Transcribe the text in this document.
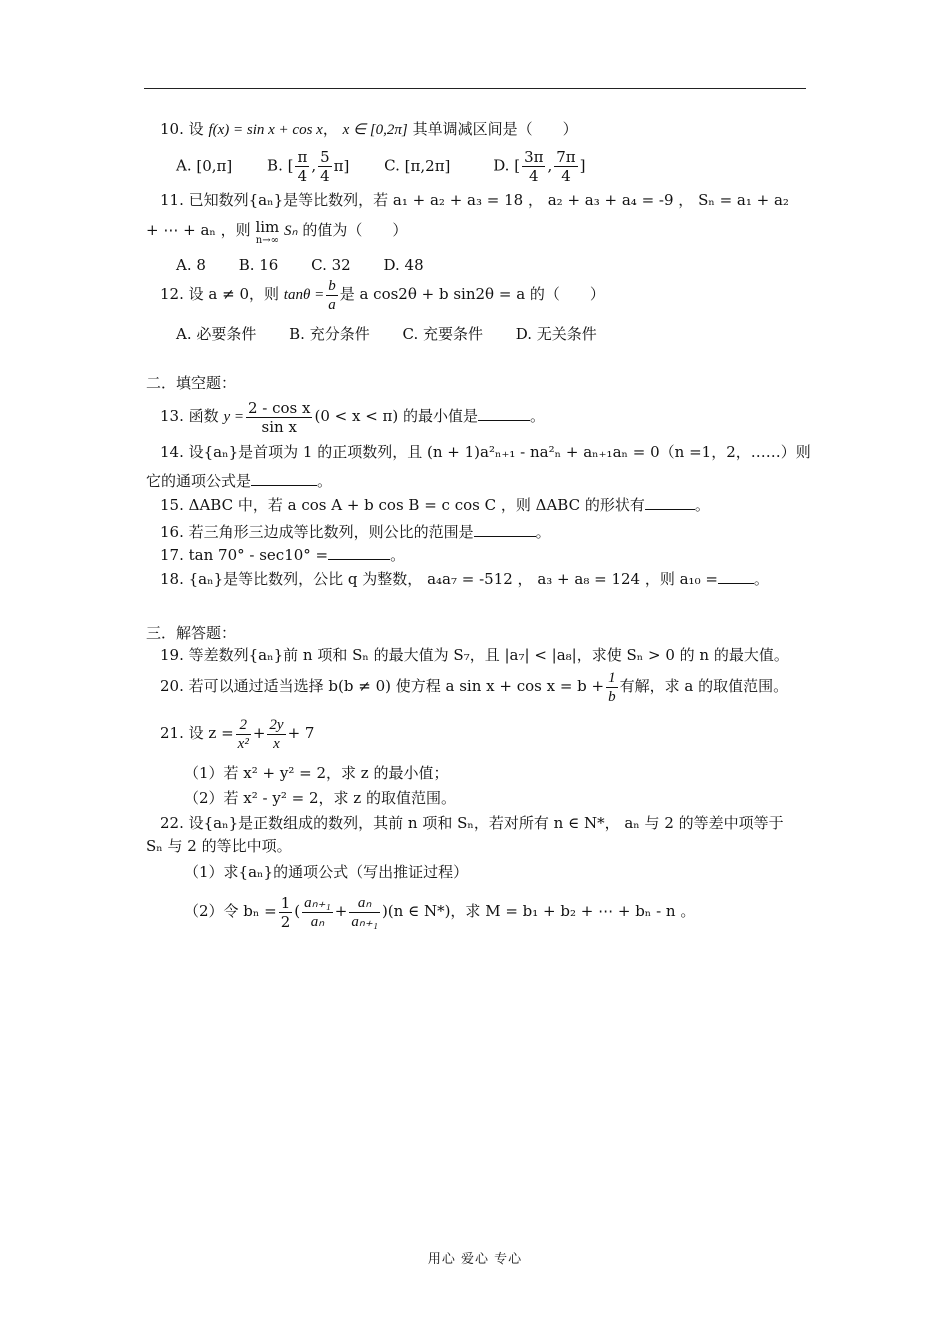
10. 设 f(x) = sin x + cos x， x ∈ [0,2π] 其单调减区间是（　　）
A. [0,π] B. [ $\frac{\pi}{4}$ , $\frac{5}{4} \pi$] C. [π,2π]	D. [ $\frac{3\pi}{4}$ , $\frac{7\pi}{4}$ ]
11. 已知数列{aₙ}是等比数列，若 a₁ + a₂ + a₃ = 18 ， a₂ + a₃ + a₄ = -9 ， Sₙ = a₁ + a₂
+ ⋯ + aₙ ，则 lim
n→∞
Sₙ 的值为（　　）
A. 8 B. 16 C. 32 D. 48
12. 设 a ≠ 0，则 $\tan\theta = \frac{b}{a}$ 是 a cos2θ + b sin2θ = a 的（　　）
A. 必要条件 B. 充分条件 C. 充要条件 D. 无关条件
二．填空题：
13. 函数 $y = \frac{\text{2 - cos x}}{\text{sin x}} (0 < x < \pi)$ 的最小值是	。
14. 设{aₙ}是首项为 1 的正项数列，且 (n + 1)a²ₙ₊₁ - na²ₙ + aₙ₊₁aₙ = 0（n =1，2，……）则
它的通项公式是	。
15. ΔABC 中，若 a cos A + b cos B = c cos C ，则 ΔABC 的形状有	。
16. 若三角形三边成等比数列，则公比的范围是	。
17. tan 70° - sec10° =	。
18. {aₙ}是等比数列，公比 q 为整数， a₄a₇ = -512 ， a₃ + a₈ = 124 ，则 a₁₀ = 。
三．解答题：
19. 等差数列{aₙ}前 n 项和 Sₙ 的最大值为 S₇，且 |a₇| < |a₈|，求使 Sₙ > 0 的 n 的最大值。
20. 若可以通过适当选择 b(b ≠ 0) 使方程 a $\sin x + \cos x = b + \frac{1}{b}$ 有解，求 a 的取值范围。
21. 设 $z = \frac{2}{\text{x²}} + \frac{2y}{x} + 7$
（1）若 x² + y² = 2，求 z 的最小值；
（2）若 x² - y² = 2，求 z 的取值范围。
22. 设{aₙ}是正数组成的数列，其前 n 项和 Sₙ，若对所有 n ∈ N*， aₙ 与 2 的等差中项等于
Sₙ 与 2 的等比中项。
（1）求{aₙ}的通项公式（写出推证过程）
（2）令 $b_n = \frac{1}{2}$ ( $\frac{\text{aₙ₊₁}}{\text{aₙ}} + \frac{\text{aₙ}}{\text{aₙ₊₁}} )(n$ ∈ N*)，求 M = b₁ + b₂ + ⋯ + bₙ - n 。
用心 爱心 专心
